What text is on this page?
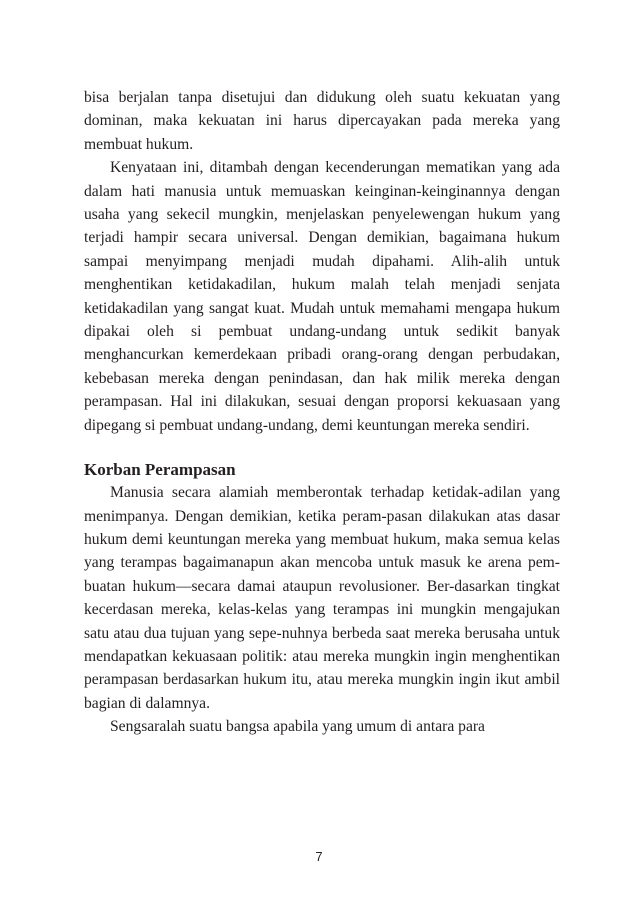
bisa berjalan tanpa disetujui dan didukung oleh suatu kekuatan yang dominan, maka kekuatan ini harus dipercayakan pada mereka yang membuat hukum.

Kenyataan ini, ditambah dengan kecenderungan mematikan yang ada dalam hati manusia untuk memuaskan keinginan-keinginannya dengan usaha yang sekecil mungkin, menjelaskan penyelewengan hukum yang terjadi hampir secara universal. Dengan demikian, bagaimana hukum sampai menyimpang menjadi mudah dipahami. Alih-alih untuk menghentikan ketidakadilan, hukum malah telah menjadi senjata ketidakadilan yang sangat kuat. Mudah untuk memahami mengapa hukum dipakai oleh si pembuat undang-undang untuk sedikit banyak menghancurkan kemerdekaan pribadi orang-orang dengan perbudakan, kebebasan mereka dengan penindasan, dan hak milik mereka dengan perampasan. Hal ini dilakukan, sesuai dengan proporsi kekuasaan yang dipegang si pembuat undang-undang, demi keuntungan mereka sendiri.

Korban Perampasan

Manusia secara alamiah memberontak terhadap ketidak-adilan yang menimpanya. Dengan demikian, ketika peram-pasan dilakukan atas dasar hukum demi keuntungan mereka yang membuat hukum, maka semua kelas yang terampas bagaimanapun akan mencoba untuk masuk ke arena pem-buatan hukum—secara damai ataupun revolusioner. Ber-dasarkan tingkat kecerdasan mereka, kelas-kelas yang terampas ini mungkin mengajukan satu atau dua tujuan yang sepe-nuhnya berbeda saat mereka berusaha untuk mendapatkan kekuasaan politik: atau mereka mungkin ingin menghentikan perampasan berdasarkan hukum itu, atau mereka mungkin ingin ikut ambil bagian di dalamnya.

Sengsaralah suatu bangsa apabila yang umum di antara para

7
